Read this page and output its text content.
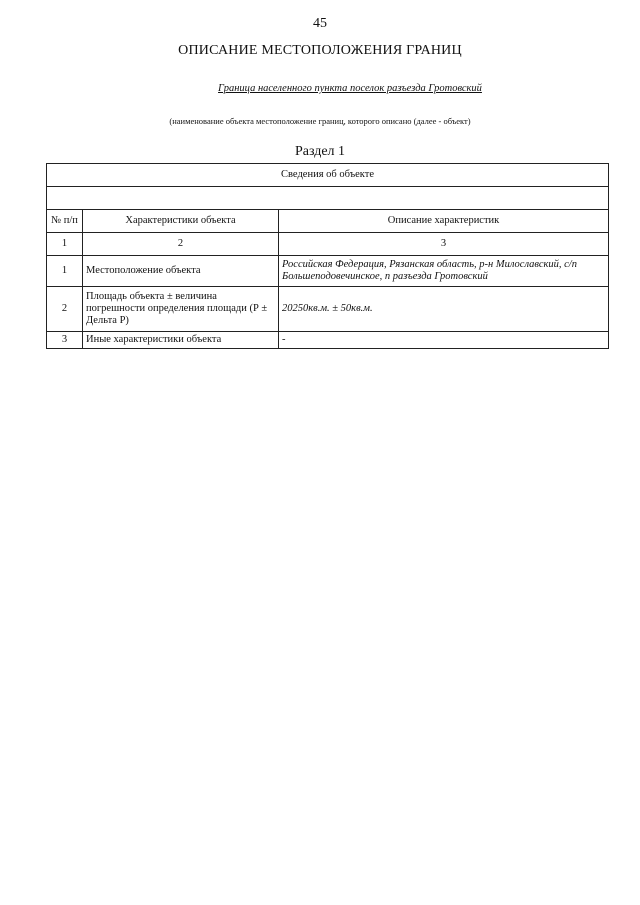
45
ОПИСАНИЕ МЕСТОПОЛОЖЕНИЯ ГРАНИЦ
Граница населенного пункта поселок разъезда Гротовский
(наименование объекта местоположение границ, которого описано (далее - объект)
Раздел 1
Сведения об объекте		

№ п/п	Характеристики объекта	Описание характеристик
1	2	3
1	Местоположение объекта	Российская Федерация, Рязанская область, р-н Милославский, с/п Большеподовечинское, п разъезда Гротовский
2	Площадь объекта ± величина погрешности определения площади (Р ± Дельта Р)	20250кв.м. ± 50кв.м.
3	Иные характеристики объекта	-
